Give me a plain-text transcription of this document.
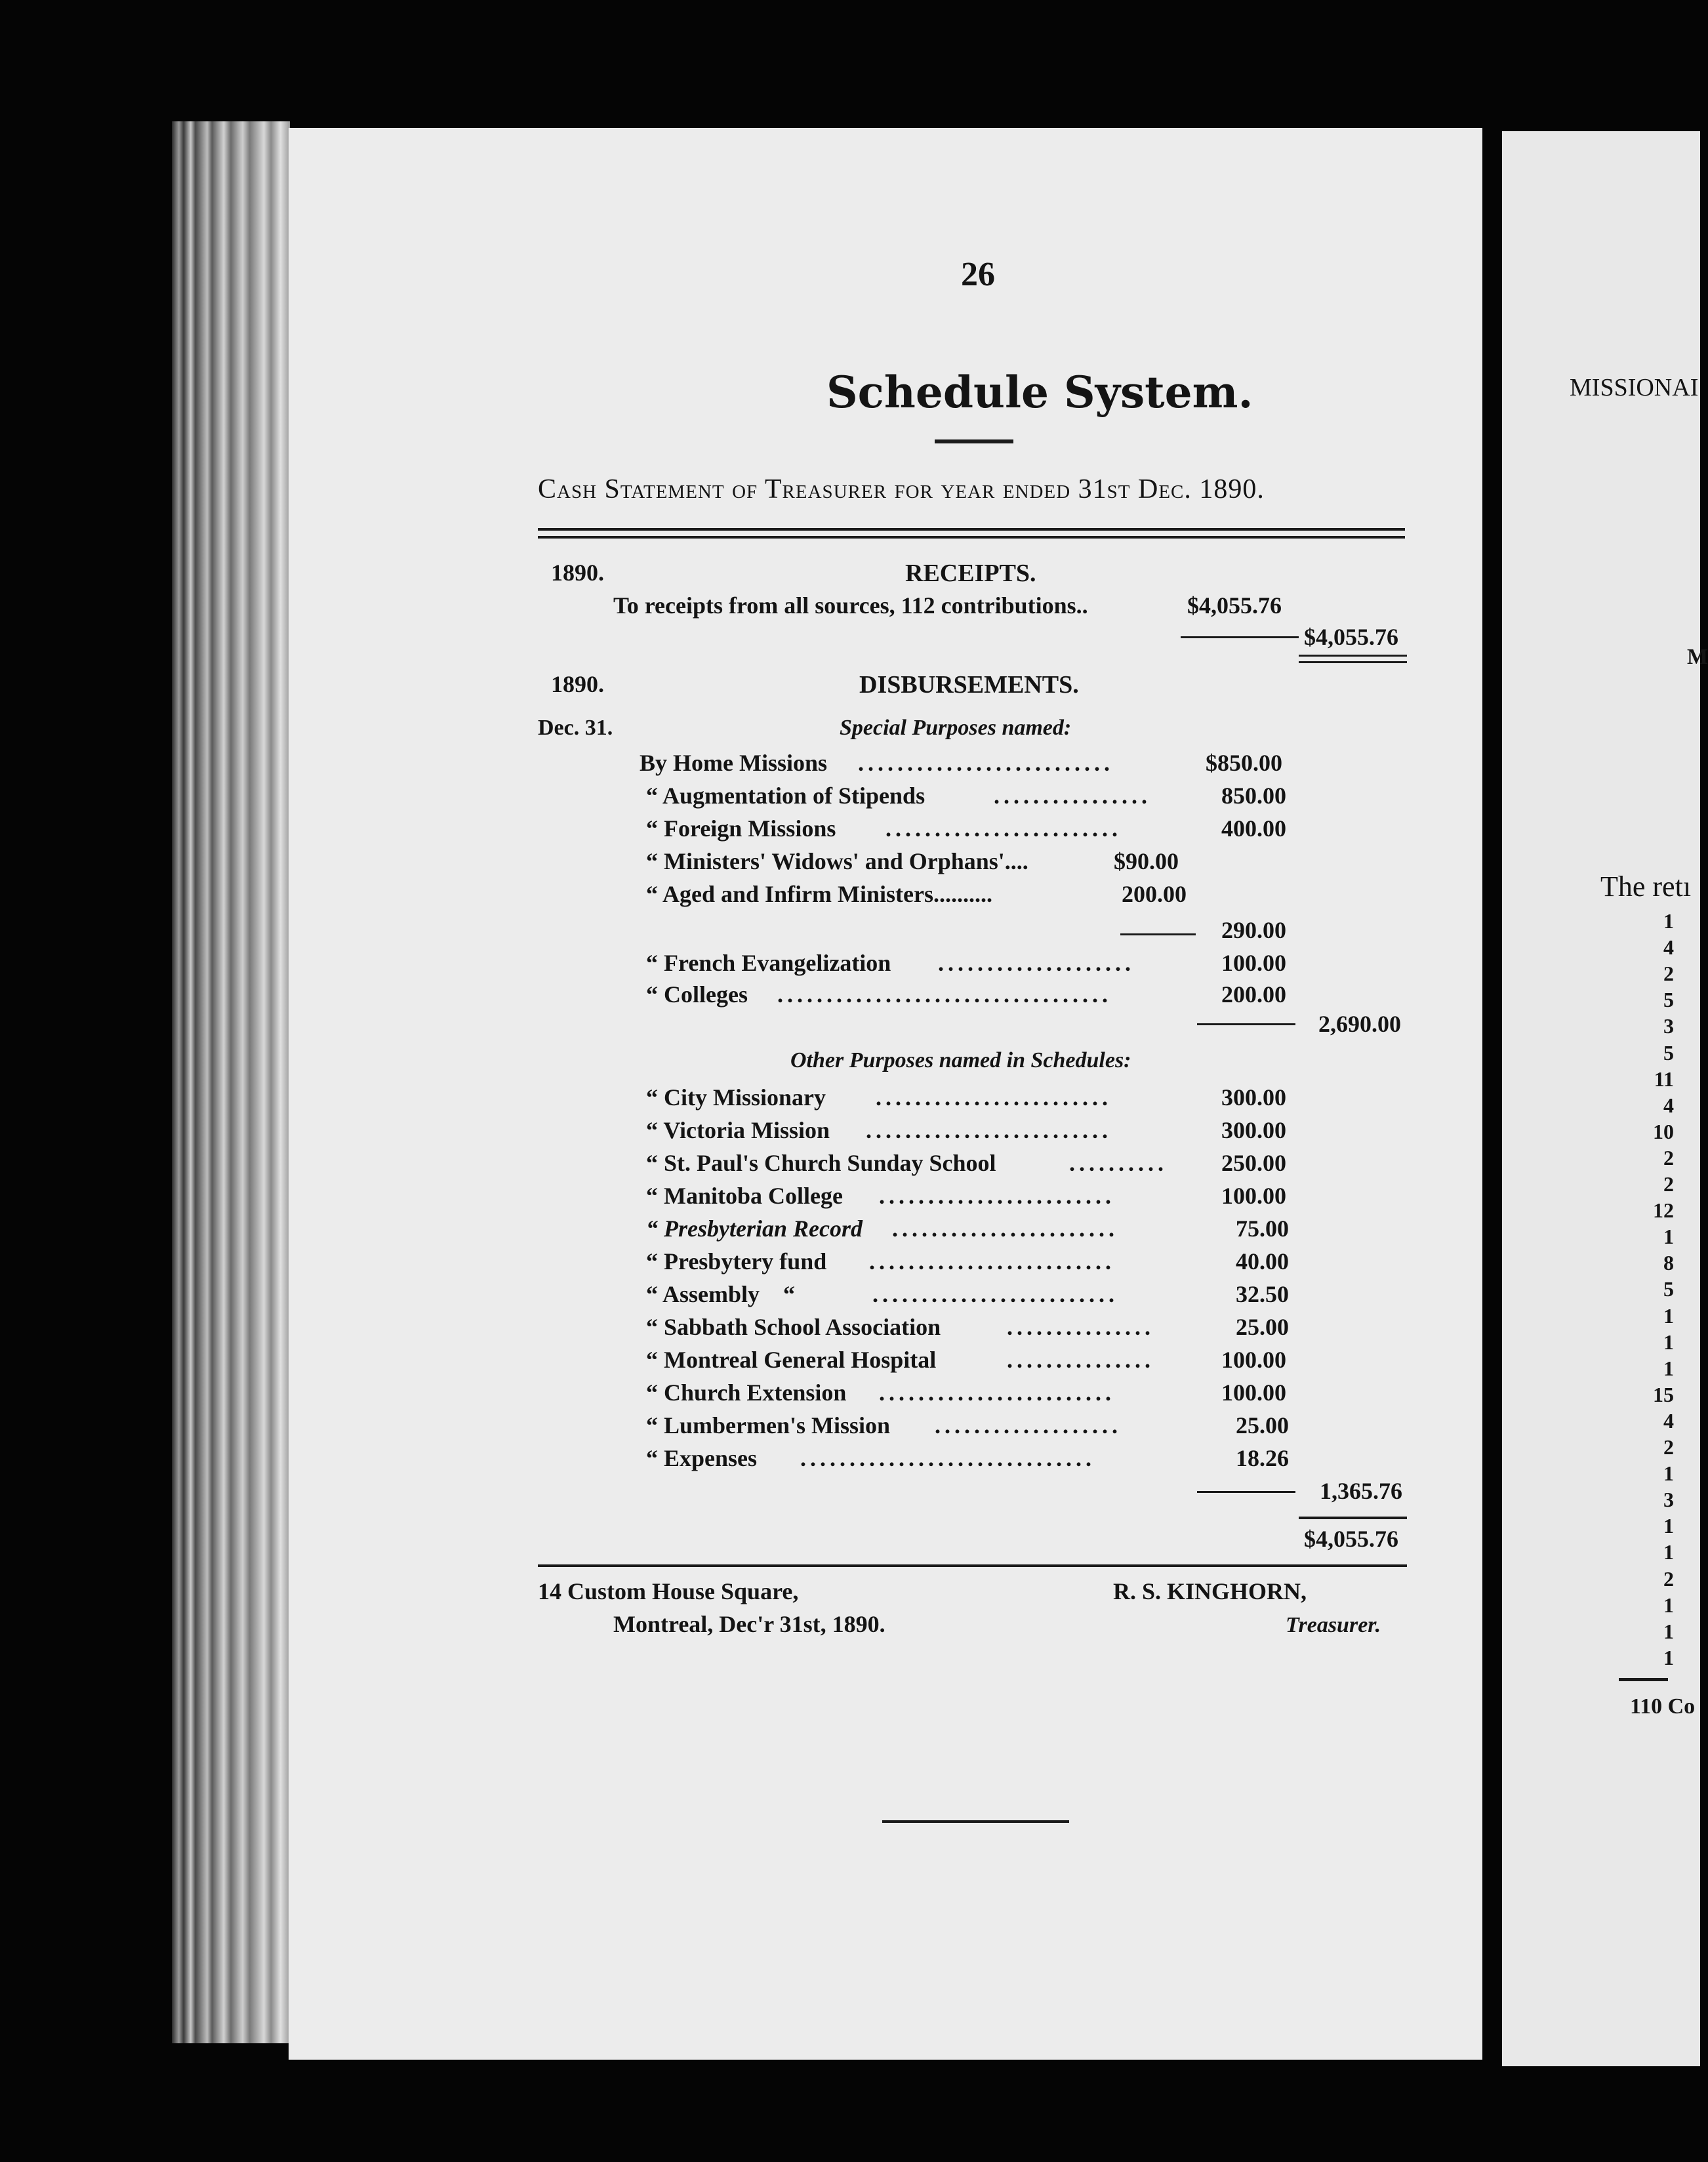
26
Schedule System.
Cash Statement of Treasurer for year ended 31st Dec. 1890.
1890.	RECEIPTS.
To receipts from all sources, 112 contributions..	$4,055.76
$4,055.76
1890.	DISBURSEMENTS.
Dec. 31.	Special Purposes named:
By Home Missions ..........................	$850.00
“ Augmentation of Stipends	................	850.00
“ Foreign Missions ........................	400.00
“ Ministers' Widows' and Orphans'....	$90.00
“ Aged and Infirm Ministers..........	200.00
290.00
“ French Evangelization ....................	100.00
“ Colleges ..................................	200.00
2,690.00
Other Purposes named in Schedules:
“ City Missionary ........................	300.00
“ Victoria Mission .........................	300.00
“ St. Paul's Church Sunday School	.......... 250.00
“ Manitoba College ........................	100.00
“ Presbyterian Record .......................	75.00
“ Presbytery fund .........................	40.00
“ Assembly    “	.........................	32.50
“ Sabbath School Association	...............	25.00
“ Montreal General Hospital	...............	100.00
“ Church Extension ........................	100.00
“ Lumbermen's Mission ...................	25.00
“ Expenses ..............................	18.26
1,365.76
$4,055.76
14 Custom House Square,
Montreal, Dec'r 31st, 1890.
R. S. KINGHORN,
Treasurer.
MISSIONAI
M
The retı
1
4
2
5
3
5
11
4
10
2
2
12
1
8
5
1
1
1
15
4
2
1
3
1
1
2
1
1
1
110 Co
